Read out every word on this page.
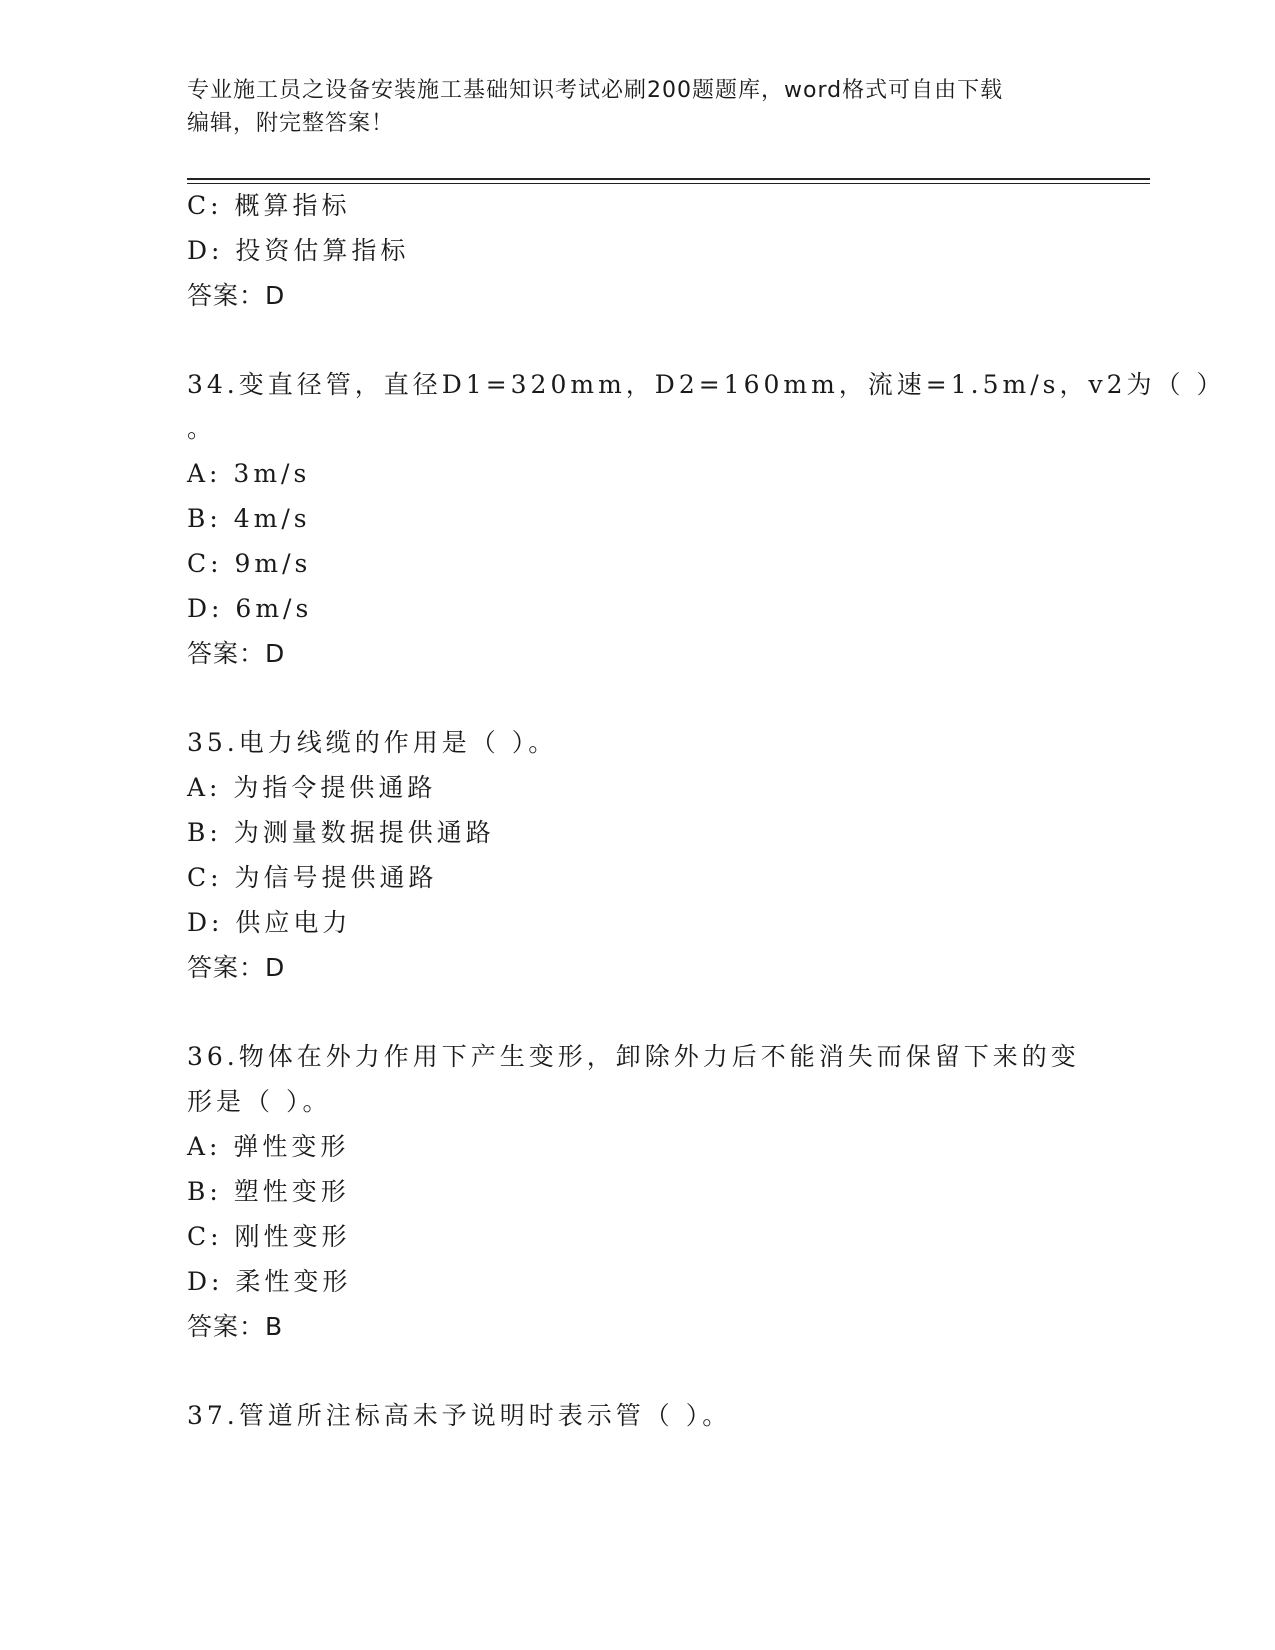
专业施工员之设备安装施工基础知识考试必刷200题题库，word格式可自由下载
编辑，附完整答案！
C: 概算指标
D: 投资估算指标
答案：D
34.变直径管，直径D1=320mm，D2=160mm，流速=1.5m/s，v2为（ ）
。
A: 3m/s
B: 4m/s
C: 9m/s
D: 6m/s
答案：D
35.电力线缆的作用是（ ）。
A: 为指令提供通路
B: 为测量数据提供通路
C: 为信号提供通路
D: 供应电力
答案：D
36.物体在外力作用下产生变形，卸除外力后不能消失而保留下来的变
形是（ ）。
A: 弹性变形
B: 塑性变形
C: 刚性变形
D: 柔性变形
答案：B
37.管道所注标高未予说明时表示管（ ）。
